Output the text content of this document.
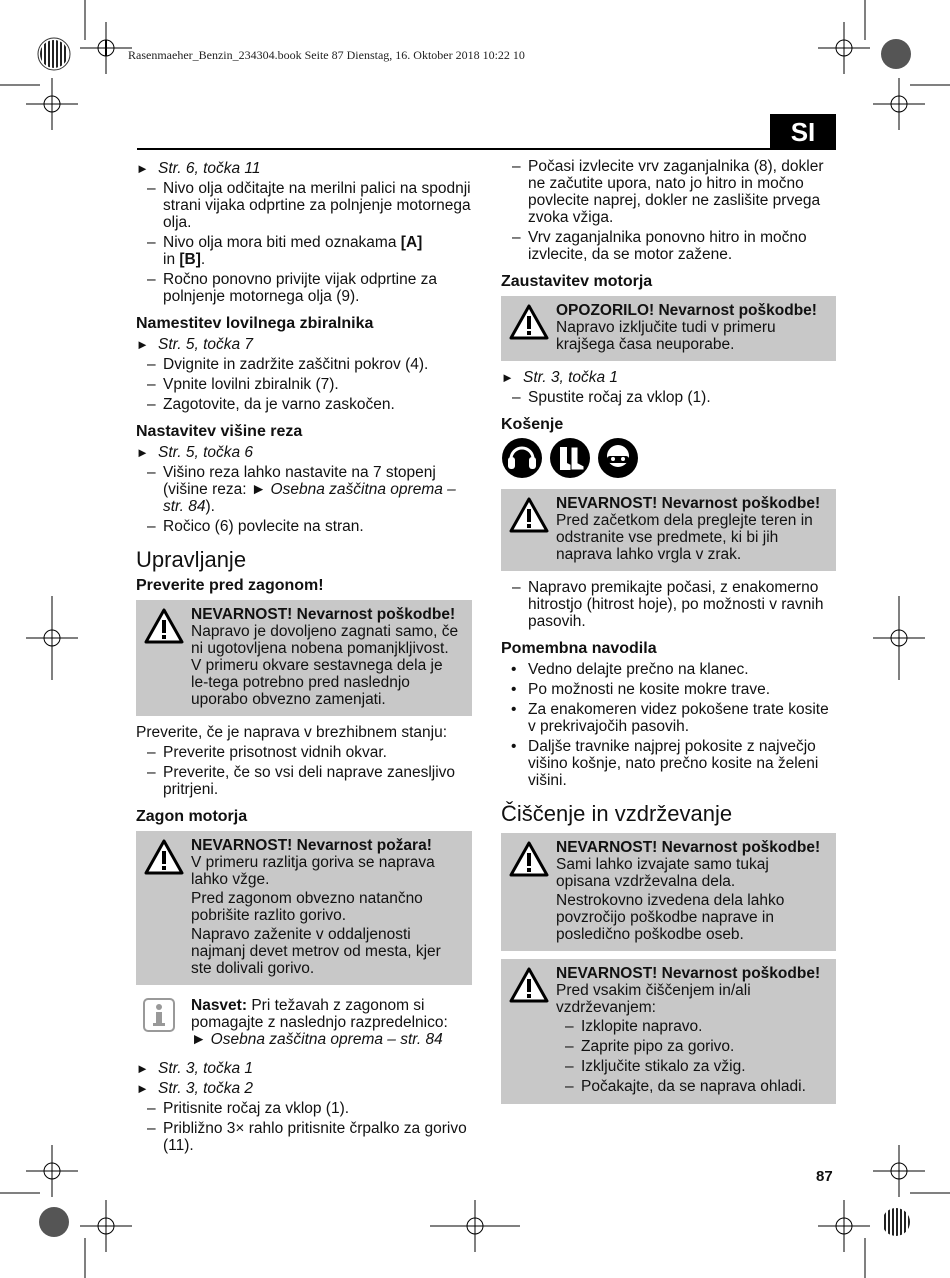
Rasenmaeher_Benzin_234304.book Seite 87 Dienstag, 16. Oktober 2018 10:22 10
SI
► Str. 6, točka 11
– Nivo olja odčitajte na merilni palici na spodnji strani vijaka odprtine za polnjenje motornega olja.
– Nivo olja mora biti med oznakama [A]
in [B].
– Ročno ponovno privijte vijak odprtine za polnjenje motornega olja (9).
Namestitev lovilnega zbiralnika
► Str. 5, točka 7
– Dvignite in zadržite zaščitni pokrov (4).
– Vpnite lovilni zbiralnik (7).
– Zagotovite, da je varno zaskočen.
Nastavitev višine reza
► Str. 5, točka 6
– Višino reza lahko nastavite na 7 stopenj (višine reza: ► Osebna zaščitna oprema – str. 84).
– Ročico (6) povlecite na stran.
Upravljanje
Preverite pred zagonom!

NEVARNOST! Nevarnost poškodbe! Napravo je dovoljeno zagnati samo, če ni ugotovljena nobena pomanjkljivost. V primeru okvare sestavnega dela je le-tega potrebno pred naslednjo uporabo obvezno zamenjati.

Preverite, če je naprava v brezhibnem stanju:
– Preverite prisotnost vidnih okvar.
– Preverite, če so vsi deli naprave zanesljivo pritrjeni.
Zagon motorja

NEVARNOST! Nevarnost požara!
V primeru razlitja goriva se naprava lahko vžge.

Pred zagonom obvezno natančno pobrišite razlito gorivo.

Napravo zaženite v oddaljenosti najmanj devet metrov od mesta, kjer ste dolivali gorivo.

Nasvet: Pri težavah z zagonom si pomagajte z naslednjo razpredelnico:
► Osebna zaščitna oprema – str. 84
► Str. 3, točka 1
► Str. 3, točka 2
– Pritisnite ročaj za vklop (1).
– Približno 3× rahlo pritisnite črpalko za gorivo (11).
– Počasi izvlecite vrv zaganjalnika (8), dokler ne začutite upora, nato jo hitro in močno povlecite naprej, dokler ne zaslišite prvega zvoka vžiga.
– Vrv zaganjalnika ponovno hitro in močno izvlecite, da se motor zažene.
Zaustavitev motorja

OPOZORILO! Nevarnost poškodbe! Napravo izključite tudi v primeru krajšega časa neuporabe.

► Str. 3, točka 1
– Spustite ročaj za vklop (1).
Košenje

NEVARNOST! Nevarnost poškodbe! Pred začetkom dela preglejte teren in odstranite vse predmete, ki bi jih naprava lahko vrgla v zrak.

– Napravo premikajte počasi, z enakomerno hitrostjo (hitrost hoje), po možnosti v ravnih pasovih.
Pomembna navodila
• Vedno delajte prečno na klanec.
• Po možnosti ne kosite mokre trave.
• Za enakomeren videz pokošene trate kosite v prekrivajočih pasovih.
• Daljše travnike najprej pokosite z največjo višino košnje, nato prečno kosite na želeni višini.
Čiščenje in vzdrževanje

NEVARNOST! Nevarnost poškodbe! Sami lahko izvajate samo tukaj opisana vzdrževalna dela.

Nestrokovno izvedena dela lahko povzročijo poškodbe naprave in posledično poškodbe oseb.

NEVARNOST! Nevarnost poškodbe! Pred vsakim čiščenjem in/ali vzdrževanjem:

– Izklopite napravo.
– Zaprite pipo za gorivo.
– Izključite stikalo za vžig.
– Počakajte, da se naprava ohladi.
87
